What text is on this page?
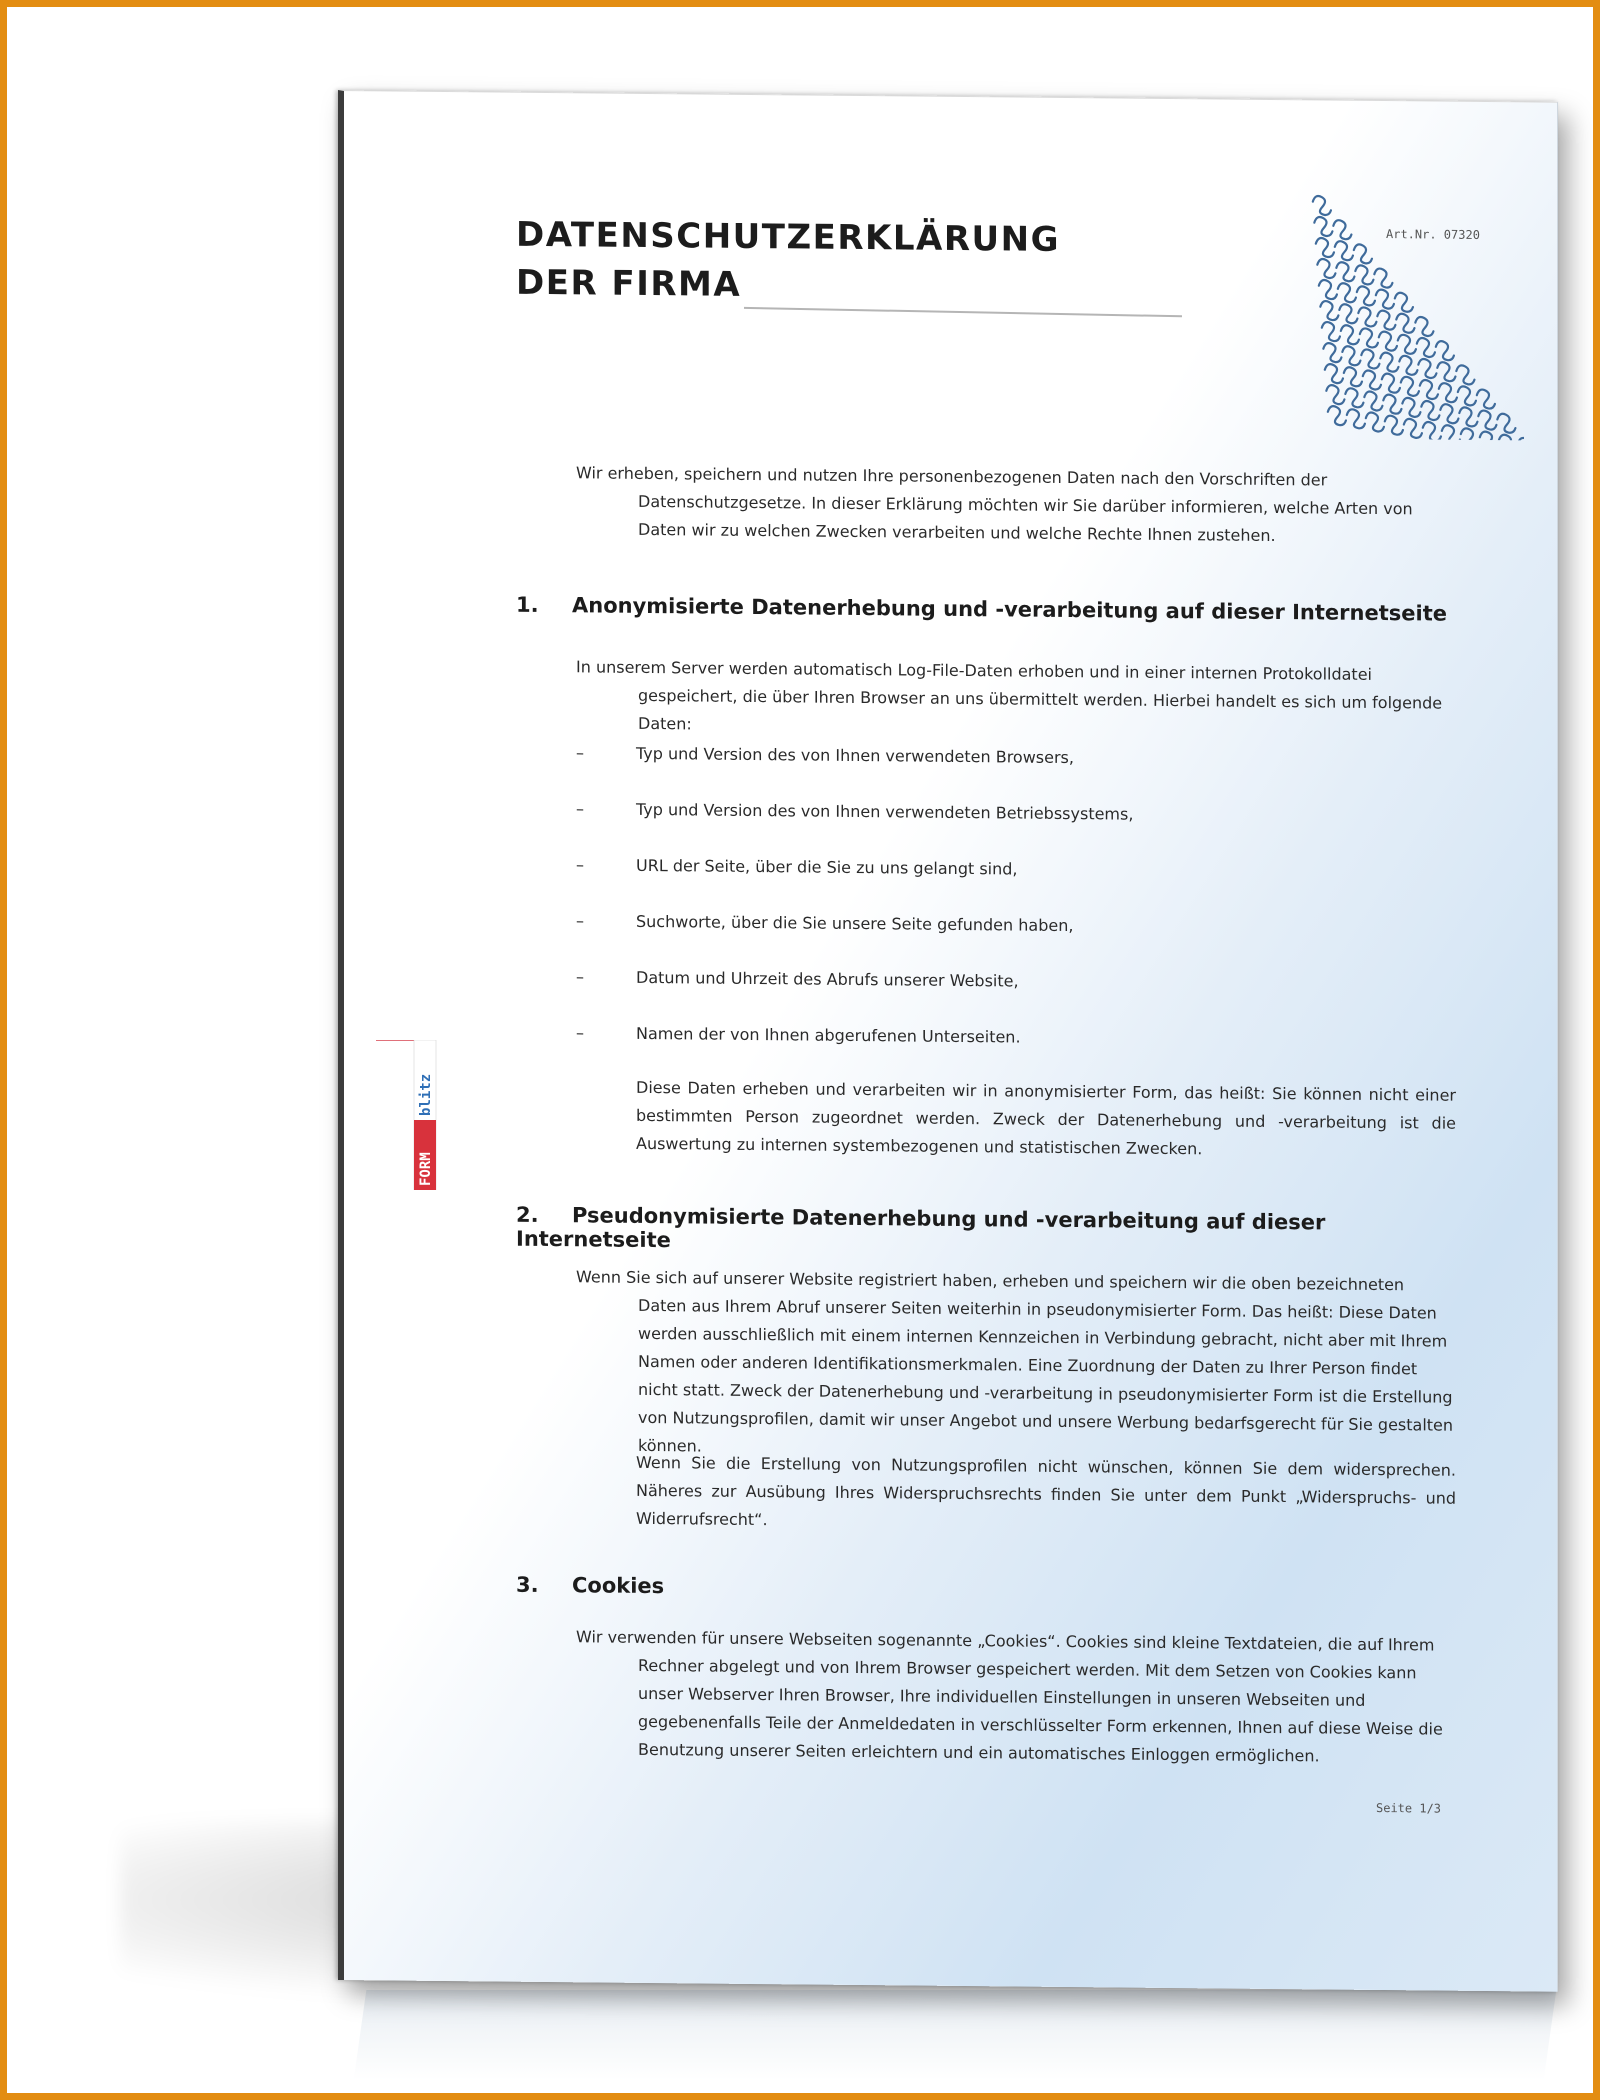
Art.Nr. 07320
DATENSCHUTZERKLÄRUNG
DER FIRMA

Wir erheben, speichern und nutzen Ihre personenbezogenen Daten nach den Vorschriften der Datenschutzgesetze. In dieser Erklärung möchten wir Sie darüber informieren, welche Arten von Daten wir zu welchen Zwecken verarbeiten und welche Rechte Ihnen zustehen.

1. Anonymisierte Datenerhebung und -verarbeitung auf dieser Internetseite

In unserem Server werden automatisch Log-File-Daten erhoben und in einer internen Protokolldatei gespeichert, die über Ihren Browser an uns übermittelt werden. Hierbei handelt es sich um folgende Daten:

–	Typ und Version des von Ihnen verwendeten Browsers,
–	Typ und Version des von Ihnen verwendeten Betriebssystems,
–	URL der Seite, über die Sie zu uns gelangt sind,
–	Suchworte, über die Sie unsere Seite gefunden haben,
–	Datum und Uhrzeit des Abrufs unserer Website,
–	Namen der von Ihnen abgerufenen Unterseiten.

Diese Daten erheben und verarbeiten wir in anonymisierter Form, das heißt: Sie können nicht einer bestimmten Person zugeordnet werden. Zweck der Datenerhebung und -verarbeitung ist die Auswertung zu internen systembezogenen und statistischen Zwecken.

2. Pseudonymisierte Datenerhebung und -verarbeitung auf dieser Internetseite

Wenn Sie sich auf unserer Website registriert haben, erheben und speichern wir die oben bezeichneten Daten aus Ihrem Abruf unserer Seiten weiterhin in pseudonymisierter Form. Das heißt: Diese Daten werden ausschließlich mit einem internen Kennzeichen in Verbindung gebracht, nicht aber mit Ihrem Namen oder anderen Identifikationsmerkmalen. Eine Zuordnung der Daten zu Ihrer Person findet nicht statt. Zweck der Datenerhebung und -verarbeitung in pseudonymisierter Form ist die Erstellung von Nutzungsprofilen, damit wir unser Angebot und unsere Werbung bedarfsgerecht für Sie gestalten können.

Wenn Sie die Erstellung von Nutzungsprofilen nicht wünschen, können Sie dem widersprechen. Näheres zur Ausübung Ihres Widerspruchsrechts finden Sie unter dem Punkt „Widerspruchs- und Widerrufsrecht“.

3. Cookies

Wir verwenden für unsere Webseiten sogenannte „Cookies“. Cookies sind kleine Textdateien, die auf Ihrem Rechner abgelegt und von Ihrem Browser gespeichert werden. Mit dem Setzen von Cookies kann unser Webserver Ihren Browser, Ihre individuellen Einstellungen in unseren Webseiten und gegebenenfalls Teile der Anmeldedaten in verschlüsselter Form erkennen, Ihnen auf diese Weise die Benutzung unserer Seiten erleichtern und ein automatisches Einloggen ermöglichen.

Seite 1/3
FORM
blitz
